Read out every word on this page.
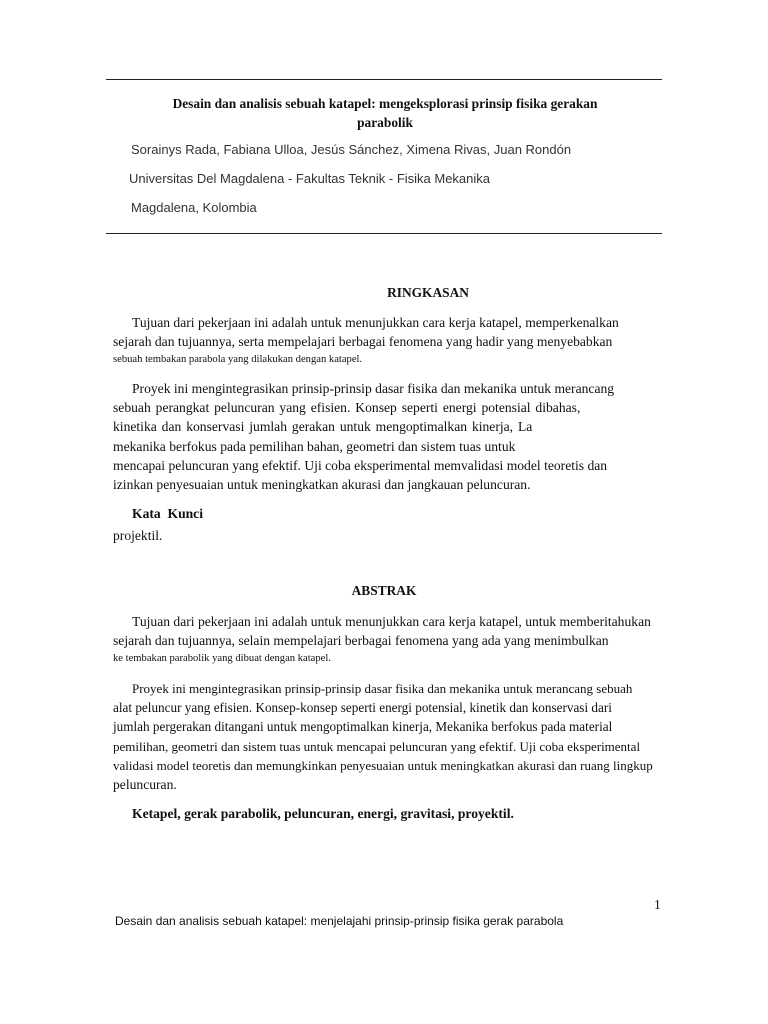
Desain dan analisis sebuah katapel: mengeksplorasi prinsip fisika gerakan
parabolik
Sorainys Rada, Fabiana Ulloa, Jesús Sánchez, Ximena Rivas, Juan Rondón
Universitas Del Magdalena - Fakultas Teknik - Fisika Mekanika
Magdalena, Kolombia
RINGKASAN
Tujuan dari pekerjaan ini adalah untuk menunjukkan cara kerja katapel, memperkenalkan
sejarah dan tujuannya, serta mempelajari berbagai fenomena yang hadir yang menyebabkan
sebuah tembakan parabola yang dilakukan dengan katapel.
Proyek ini mengintegrasikan prinsip-prinsip dasar fisika dan mekanika untuk merancang
sebuah perangkat peluncuran yang efisien. Konsep seperti energi potensial dibahas,
kinetika dan konservasi jumlah gerakan untuk mengoptimalkan kinerja, La
mekanika berfokus pada pemilihan bahan, geometri dan sistem tuas untuk
mencapai peluncuran yang efektif. Uji coba eksperimental memvalidasi model teoretis dan
izinkan penyesuaian untuk meningkatkan akurasi dan jangkauan peluncuran.
Kata  Kunci
projektil.
ABSTRAK
Tujuan dari pekerjaan ini adalah untuk menunjukkan cara kerja katapel, untuk memberitahukan
sejarah dan tujuannya, selain mempelajari berbagai fenomena yang ada yang menimbulkan
ke tembakan parabolik yang dibuat dengan katapel.
Proyek ini mengintegrasikan prinsip-prinsip dasar fisika dan mekanika untuk merancang sebuah
alat peluncur yang efisien. Konsep-konsep seperti energi potensial, kinetik dan konservasi dari
jumlah pergerakan ditangani untuk mengoptimalkan kinerja, Mekanika berfokus pada material
pemilihan, geometri dan sistem tuas untuk mencapai peluncuran yang efektif. Uji coba eksperimental
validasi model teoretis dan memungkinkan penyesuaian untuk meningkatkan akurasi dan ruang lingkup
peluncuran.
Ketapel, gerak parabolik, peluncuran, energi, gravitasi, proyektil.
1
Desain dan analisis sebuah katapel: menjelajahi prinsip-prinsip fisika gerak parabola
